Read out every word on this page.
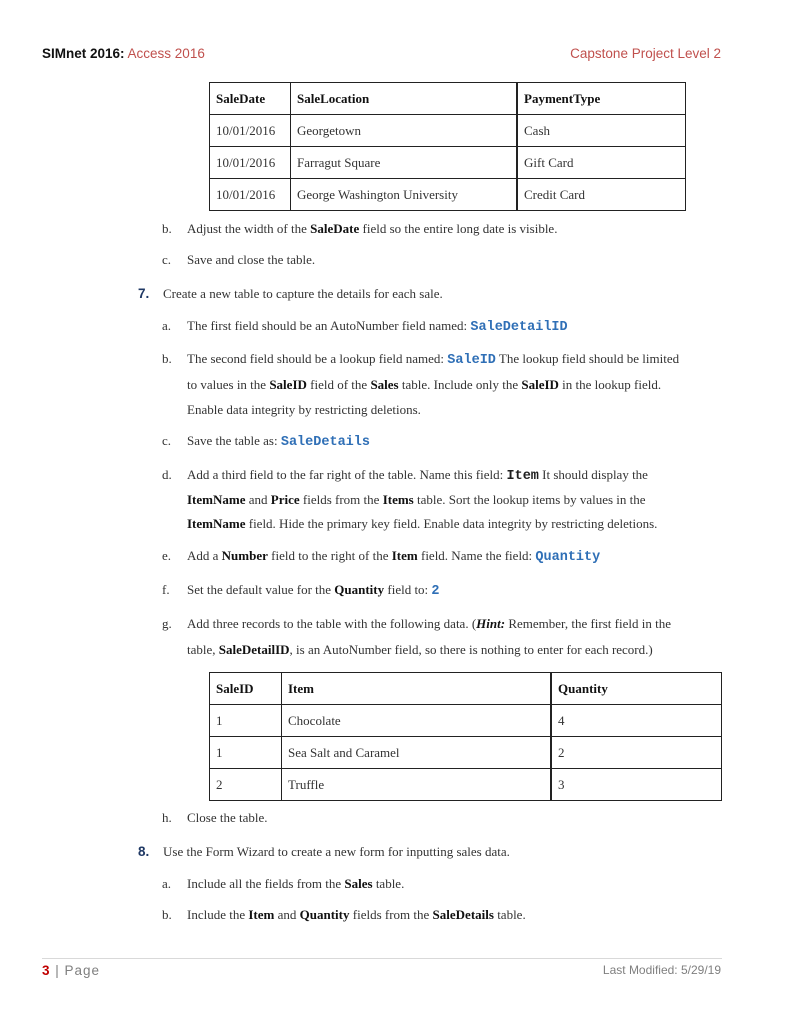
SIMnet 2016: Access 2016	Capstone Project Level 2
SaleDate	SaleLocation	PaymentType
10/01/2016	Georgetown	Cash
10/01/2016	Farragut Square	Gift Card
10/01/2016	George Washington University	Credit Card
b. Adjust the width of the SaleDate field so the entire long date is visible.
c. Save and close the table.
7. Create a new table to capture the details for each sale.
a. The first field should be an AutoNumber field named: SaleDetailID
b. The second field should be a lookup field named: SaleID The lookup field should be limited
to values in the SaleID field of the Sales table. Include only the SaleID in the lookup field.
Enable data integrity by restricting deletions.
c. Save the table as: SaleDetails
d. Add a third field to the far right of the table. Name this field: Item It should display the
ItemName and Price fields from the Items table. Sort the lookup items by values in the
ItemName field. Hide the primary key field. Enable data integrity by restricting deletions.
e. Add a Number field to the right of the Item field. Name the field: Quantity
f. Set the default value for the Quantity field to: 2
g. Add three records to the table with the following data. (Hint: Remember, the first field in the
table, SaleDetailID, is an AutoNumber field, so there is nothing to enter for each record.)
SaleID	Item	Quantity
1	Chocolate	4
1	Sea Salt and Caramel	2
2	Truffle	3
h. Close the table.
8. Use the Form Wizard to create a new form for inputting sales data.
a. Include all the fields from the Sales table.
b. Include the Item and Quantity fields from the SaleDetails table.
3 | Page	Last Modified: 5/29/19
